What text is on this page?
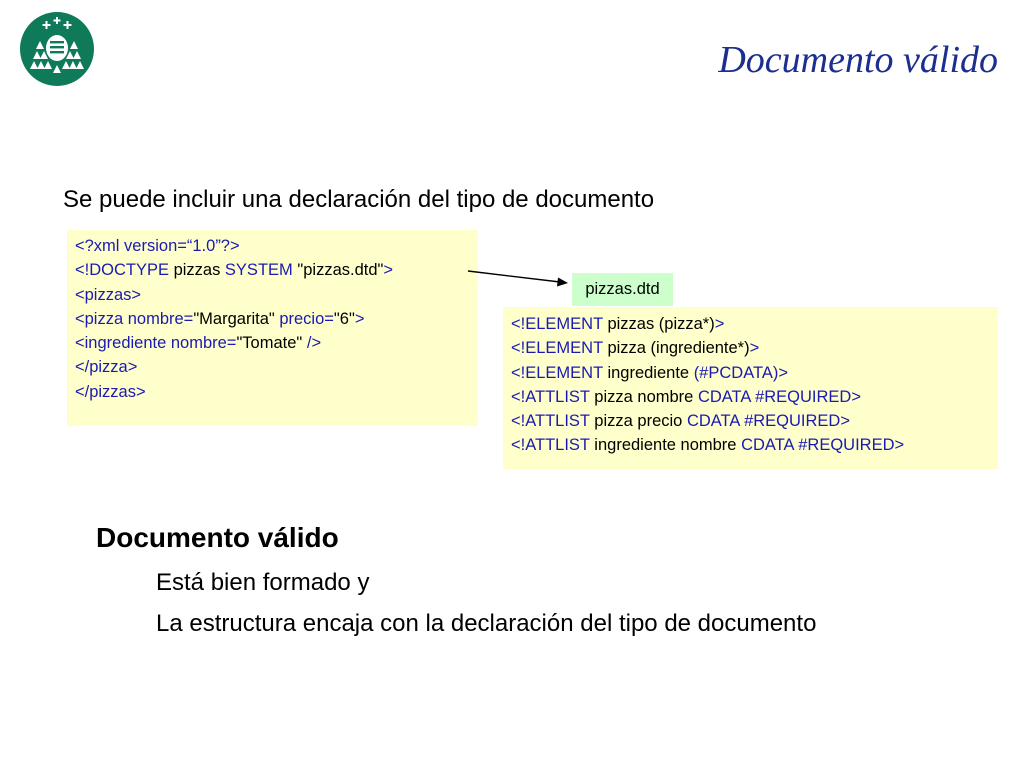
Documento válido
Se puede incluir una declaración del tipo de documento
<?xml version=“1.0”?>
<!DOCTYPE pizzas SYSTEM "pizzas.dtd">
<pizzas>
<pizza nombre="Margarita" precio="6">
<ingrediente nombre="Tomate" />
</pizza>
</pizzas>
pizzas.dtd
<!ELEMENT pizzas (pizza*)>
<!ELEMENT pizza (ingrediente*)>
<!ELEMENT ingrediente (#PCDATA)>
<!ATTLIST pizza nombre CDATA #REQUIRED>
<!ATTLIST pizza precio CDATA #REQUIRED>
<!ATTLIST ingrediente nombre CDATA #REQUIRED>
Documento válido
Está bien formado y
La estructura encaja con la declaración del tipo de documento
